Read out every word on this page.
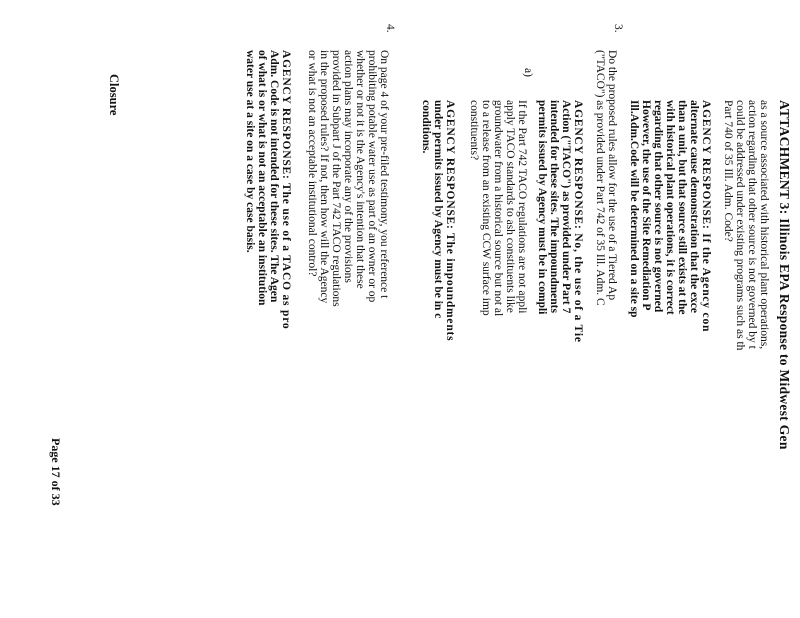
ATTACHMENT 3: Illinois EPA Response to Midwest Gen
as a source associated with historical plant operations,
action regarding that other source is not governed by t
could be addressed under existing programs such as th
Part 740 of 35 Ill. Adm. Code?
AGENCY RESPONSE: If the Agency con
alternate cause demonstration that the exce
than a unit, but that source still exists at the
with historical plant operations, it is correct
regarding that other source is not governed
However, the use of the Site Remediation P
Ill.Adm.Code will be determined on a site sp
3.
Do the proposed rules allow for the use of a Tiered Ap
("TACO") as provided under Part 742 of 35 Ill. Adm. C
AGENCY RESPONSE: No, the use of a Tie
Action ("TACO") as provided under Part 7
intended for these sites. The impoundments
permits issued by Agency must be in compli
a)
If the Part 742 TACO regulations are not appli
apply TACO standards to ash constituents like
groundwater from a historical source but not al
to a release from an existing CCW surface imp
constituents?
AGENCY RESPONSE: The impoundments
under permits issued by Agency must be in c
conditions.
4.
On page 4 of your pre-filed testimony, you reference t
prohibiting potable water use as part of an owner or op
whether or not it is the Agency's intention that these
action plans may incorporate any of the provisions
provided in Subpart J of the Part 742 TACO regulations
in the proposed rules? If not, then how will the Agency
or what is not an acceptable institutional control?
AGENCY RESPONSE: The use of a TACO as pro
Adm. Code is not intended for these sites. The Agen
of what is or what is not an acceptable an institution
water use at a site on a case by case basis.
Closure
Page 17 of 33
